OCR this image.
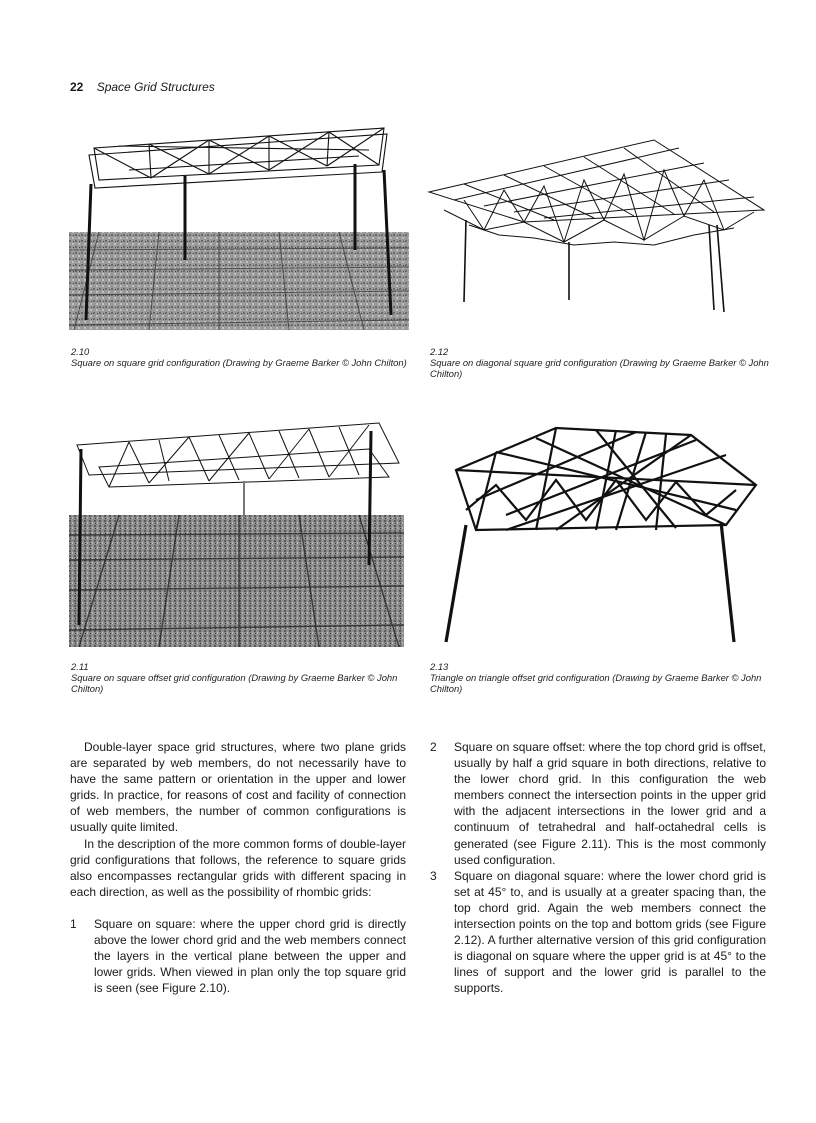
22 Space Grid Structures
2.10
Square on square grid configuration (Drawing by Graeme Barker © John Chilton)
2.12
Square on diagonal square grid configuration (Drawing by Graeme Barker © John Chilton)
2.11
Square on square offset grid configuration (Drawing by Graeme Barker © John Chilton)
2.13
Triangle on triangle offset grid configuration (Drawing by Graeme Barker © John Chilton)

Double-layer space grid structures, where two plane grids are separated by web members, do not necessarily have to have the same pattern or orientation in the upper and lower grids. In practice, for reasons of cost and facility of connection of web members, the number of common configurations is usually quite limited.

In the description of the more common forms of double-layer grid configurations that follows, the reference to square grids also encompasses rectangular grids with different spacing in each direction, as well as the possibility of rhombic grids:

1 Square on square: where the upper chord grid is directly above the lower chord grid and the web members connect the layers in the vertical plane between the upper and lower grids. When viewed in plan only the top square grid is seen (see Figure 2.10).
2 Square on square offset: where the top chord grid is offset, usually by half a grid square in both directions, relative to the lower chord grid. In this configuration the web members connect the intersection points in the upper grid with the adjacent intersections in the lower grid and a continuum of tetrahedral and half-octahedral cells is generated (see Figure 2.11). This is the most commonly used configuration.
3 Square on diagonal square: where the lower chord grid is set at 45° to, and is usually at a greater spacing than, the top chord grid. Again the web members connect the intersection points on the top and bottom grids (see Figure 2.12). A further alternative version of this grid configuration is diagonal on square where the upper grid is at 45° to the lines of support and the lower grid is parallel to the supports.
